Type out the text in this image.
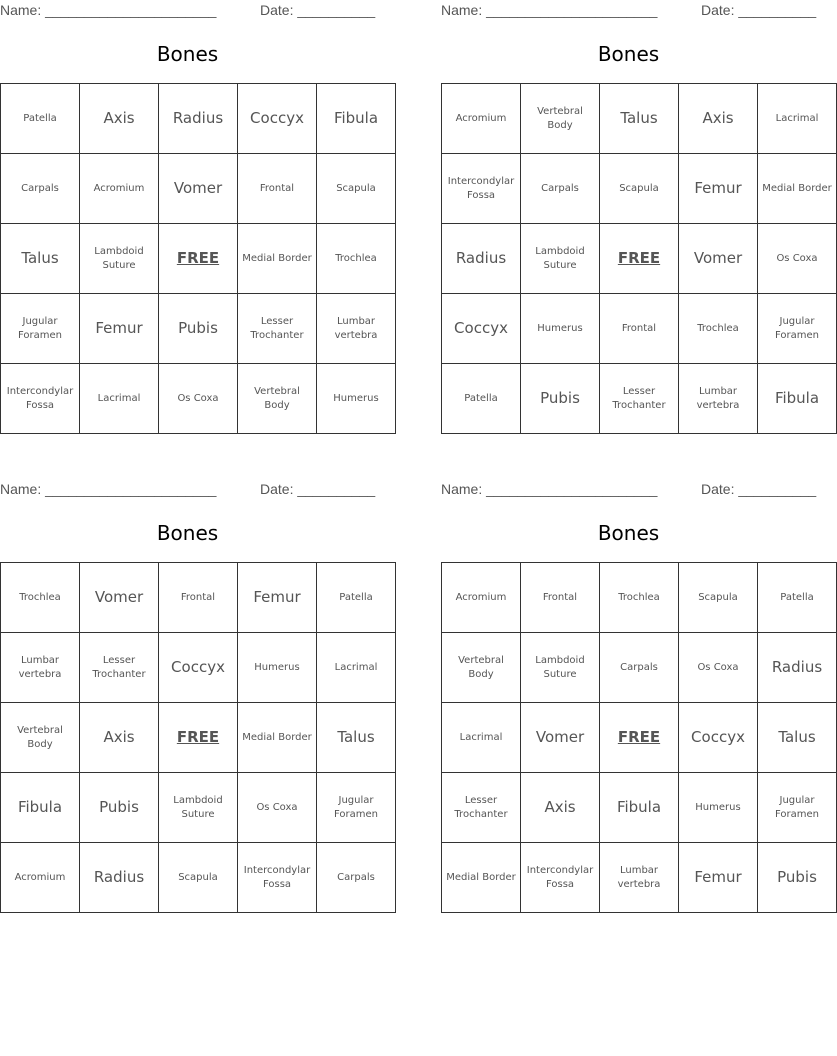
Name: ______________________	Date: __________
Bones
Patella	Axis	Radius	Coccyx	Fibula
Carpals	Acromium	Vomer	Frontal	Scapula
Talus	Lambdoid Suture	FREE	Medial Border	Trochlea
Jugular Foramen	Femur	Pubis	Lesser Trochanter	Lumbar vertebra
Intercondylar Fossa	Lacrimal	Os Coxa	Vertebral Body	Humerus
Name: ______________________	Date: __________
Bones
Acromium	Vertebral Body	Talus	Axis	Lacrimal
Intercondylar Fossa	Carpals	Scapula	Femur	Medial Border
Radius	Lambdoid Suture	FREE	Vomer	Os Coxa
Coccyx	Humerus	Frontal	Trochlea	Jugular Foramen
Patella	Pubis	Lesser Trochanter	Lumbar vertebra	Fibula
Name: ______________________	Date: __________
Bones
Trochlea	Vomer	Frontal	Femur	Patella
Lumbar vertebra	Lesser Trochanter	Coccyx	Humerus	Lacrimal
Vertebral Body	Axis	FREE	Medial Border	Talus
Fibula	Pubis	Lambdoid Suture	Os Coxa	Jugular Foramen
Acromium	Radius	Scapula	Intercondylar Fossa	Carpals
Name: ______________________	Date: __________
Bones
Acromium	Frontal	Trochlea	Scapula	Patella
Vertebral Body	Lambdoid Suture	Carpals	Os Coxa	Radius
Lacrimal	Vomer	FREE	Coccyx	Talus
Lesser Trochanter	Axis	Fibula	Humerus	Jugular Foramen
Medial Border	Intercondylar Fossa	Lumbar vertebra	Femur	Pubis
